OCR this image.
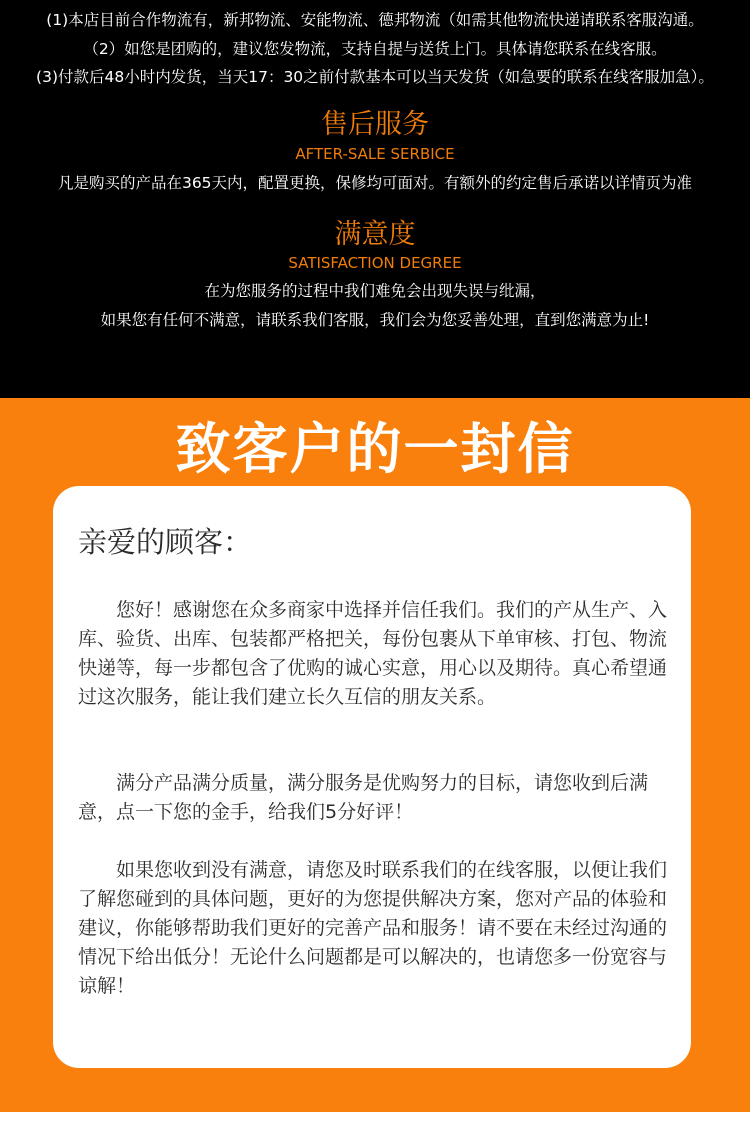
(1)本店目前合作物流有，新邦物流、安能物流、德邦物流（如需其他物流快递请联系客服沟通。
（2）如您是团购的，建议您发物流，支持自提与送货上门。具体请您联系在线客服。
(3)付款后48小时内发货，当天17：30之前付款基本可以当天发货（如急要的联系在线客服加急）。
售后服务
AFTER-SALE SERBICE
凡是购买的产品在365天内，配置更换，保修均可面对。有额外的约定售后承诺以详情页为准
满意度
SATISFACTION DEGREE
在为您服务的过程中我们难免会出现失误与纰漏，
如果您有任何不满意，请联系我们客服，我们会为您妥善处理，直到您满意为止!
致客户的一封信
亲爱的顾客：
您好！感谢您在众多商家中选择并信任我们。我们的产从生产、入库、验货、出库、包装都严格把关，每份包裹从下单审核、打包、物流快递等，每一步都包含了优购的诚心实意，用心以及期待。真心希望通过这次服务，能让我们建立长久互信的朋友关系。
满分产品满分质量，满分服务是优购努力的目标，请您收到后满意，点一下您的金手，给我们5分好评！
如果您收到没有满意，请您及时联系我们的在线客服，以便让我们了解您碰到的具体问题，更好的为您提供解决方案，您对产品的体验和建议，你能够帮助我们更好的完善产品和服务！请不要在未经过沟通的情况下给出低分！无论什么问题都是可以解决的，也请您多一份宽容与谅解！
